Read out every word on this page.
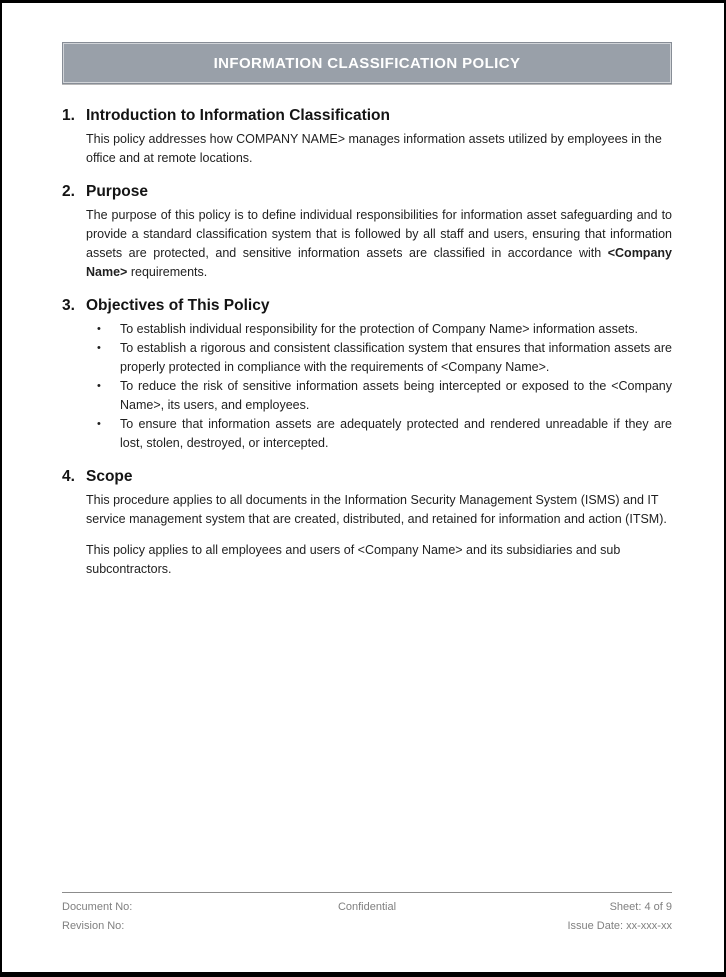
INFORMATION CLASSIFICATION POLICY
1. Introduction to Information Classification

This policy addresses how COMPANY NAME> manages information assets utilized by employees in the office and at remote locations.

2. Purpose

The purpose of this policy is to define individual responsibilities for information asset safeguarding and to provide a standard classification system that is followed by all staff and users, ensuring that information assets are protected, and sensitive information assets are classified in accordance with <Company Name> requirements.

3. Objectives of This Policy
•	To establish individual responsibility for the protection of Company Name> information assets.
•	To establish a rigorous and consistent classification system that ensures that information assets are properly protected in compliance with the requirements of <Company Name>.
•	To reduce the risk of sensitive information assets being intercepted or exposed to the <Company Name>, its users, and employees.
•	To ensure that information assets are adequately protected and rendered unreadable if they are lost, stolen, destroyed, or intercepted.
4. Scope

This procedure applies to all documents in the Information Security Management System (ISMS) and IT service management system that are created, distributed, and retained for information and action (ITSM).

This policy applies to all employees and users of <Company Name> and its subsidiaries and sub subcontractors.

Document No:
Revision No:
Confidential	Sheet: 4 of 9
Issue Date: xx-xxx-xx
